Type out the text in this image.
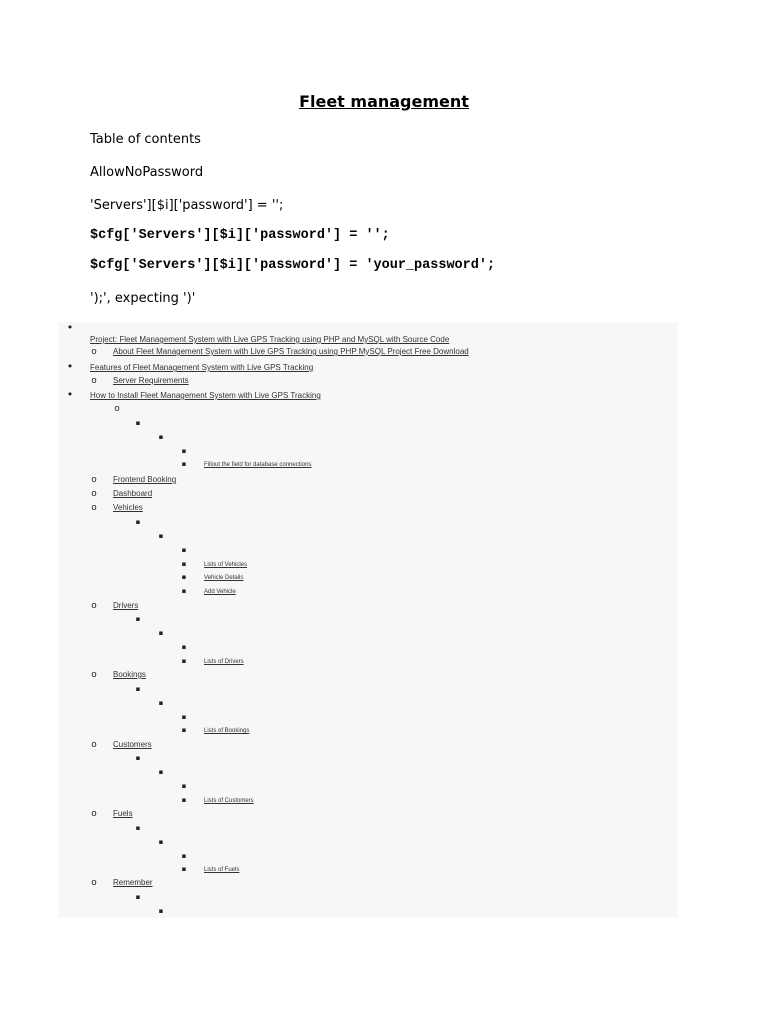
Fleet management
Table of contents
AllowNoPassword
'Servers'][$i]['password'] = '';
$cfg['Servers'][$i]['password'] = '';
$cfg['Servers'][$i]['password'] = 'your_password';
');', expecting ')'
•
Project: Fleet Management System with Live GPS Tracking using PHP and MySQL with Source Code
o	About Fleet Management System with Live GPS Tracking using PHP MySQL Project Free Download
•	Features of Fleet Management System with Live GPS Tracking
o	Server Requirements
•	How to Install Fleet Management System with Live GPS Tracking
o
▪
▪
▪
▪	Fillout the field for database connections
o	Frontend Booking
o	Dashboard
o	Vehicles
▪
▪
▪
▪	Lists of Vehicles
▪	Vehicle Details
▪	Add Vehicle
o	Drivers
▪
▪
▪
▪	Lists of Drivers
o	Bookings
▪
▪
▪
▪	Lists of Bookings
o	Customers
▪
▪
▪
▪	Lists of Customers
o	Fuels
▪
▪
▪
▪	Lists of Fuels
o	Remember
▪
▪
